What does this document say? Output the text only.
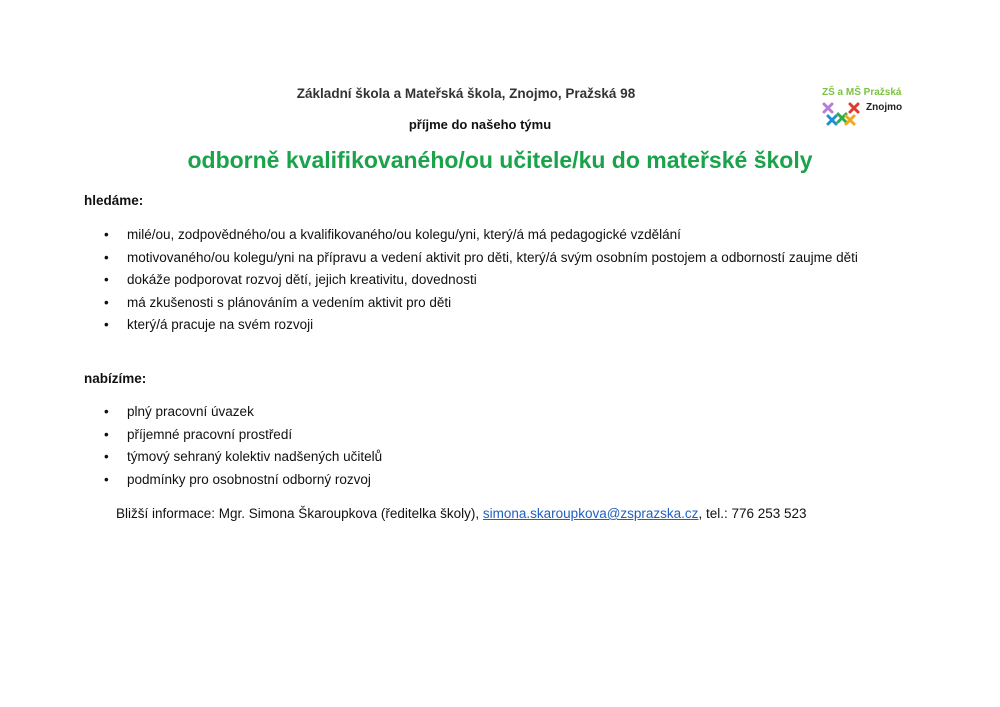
Základní škola a Mateřská škola, Znojmo, Pražská 98
příjme do našeho týmu
odborně kvalifikovaného/ou učitele/ku do mateřské školy
ZŠ a MŠ Pražská
Znojmo
hledáme:
• milé/ou, zodpovědného/ou a kvalifikovaného/ou kolegu/yni, který/á má pedagogické vzdělání
• motivovaného/ou kolegu/yni na přípravu a vedení aktivit pro děti, který/á svým osobním postojem a odborností zaujme děti
• dokáže podporovat rozvoj dětí, jejich kreativitu, dovednosti
• má zkušenosti s plánováním a vedením aktivit pro děti
• který/á pracuje na svém rozvoji
nabízíme:
• plný pracovní úvazek
• příjemné pracovní prostředí
• týmový sehraný kolektiv nadšených učitelů
• podmínky pro osobnostní odborný rozvoj
Bližší informace: Mgr. Simona Škaroupkova (ředitelka školy), simona.skaroupkova@zsprazska.cz, tel.: 776 253 523
